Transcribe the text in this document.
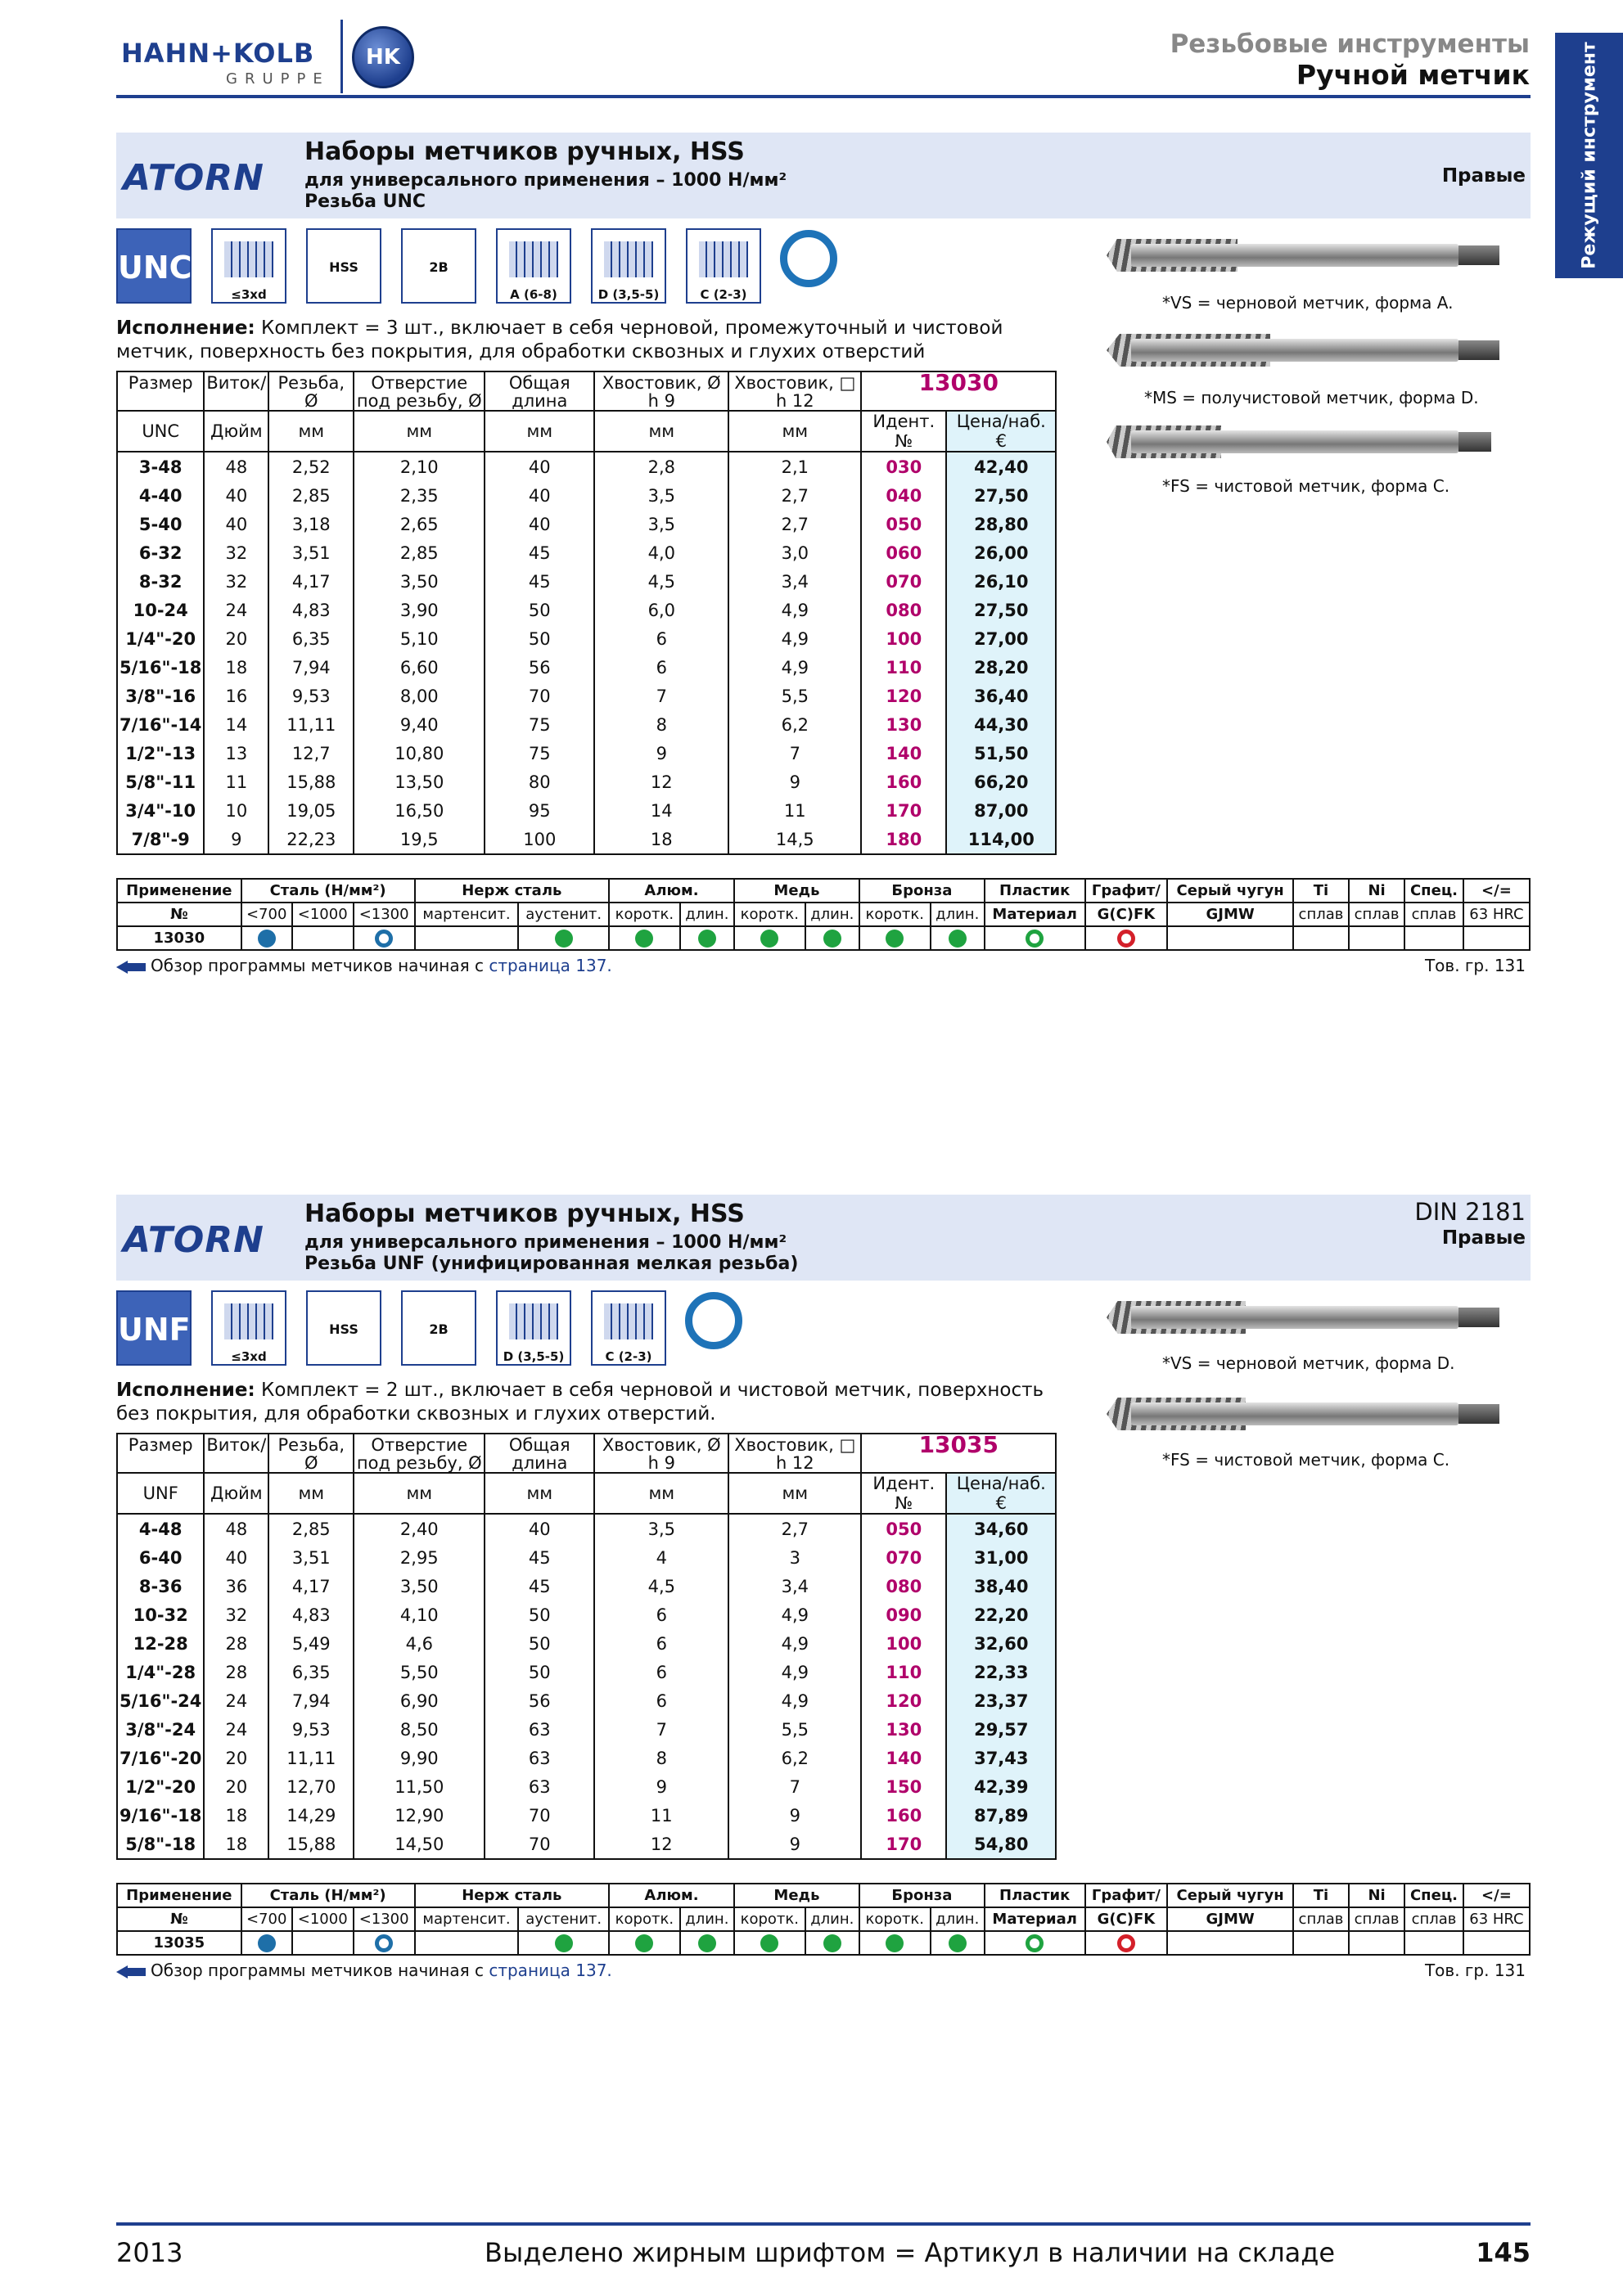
HAHN+KOLB
GRUPPE
HK	Резьбовые инструменты
Ручной метчик	Режущий инструмент
ATORN
Наборы метчиков ручных, HSS
для универсального применения – 1000 Н/мм²
Резьба UNC
Правые
UNC
≤3xd
HSS	2B
A (6-8)	D (3,5-5)	C (2-3)
Исполнение: Комплект = 3 шт., включает в себя черновой, промежуточный и чистовой метчик, поверхность без покрытия, для обработки сквозных и глухих отверстий
Размер	Виток/	Резьба, Ø	Отверстие под резьбу, Ø	Общая длина	Хвостовик, Ø h 9	Хвостовик, □ h 12	13030	
UNC	Дюйм	мм	мм	мм	мм	мм	Идент. №	Цена/наб. €
3-48	48	2,52	2,10	40	2,8	2,1	030	42,40
4-40	40	2,85	2,35	40	3,5	2,7	040	27,50
5-40	40	3,18	2,65	40	3,5	2,7	050	28,80
6-32	32	3,51	2,85	45	4,0	3,0	060	26,00
8-32	32	4,17	3,50	45	4,5	3,4	070	26,10
10-24	24	4,83	3,90	50	6,0	4,9	080	27,50
1/4"-20	20	6,35	5,10	50	6	4,9	100	27,00
5/16"-18	18	7,94	6,60	56	6	4,9	110	28,20
3/8"-16	16	9,53	8,00	70	7	5,5	120	36,40
7/16"-14	14	11,11	9,40	75	8	6,2	130	44,30
1/2"-13	13	12,7	10,80	75	9	7	140	51,50
5/8"-11	11	15,88	13,50	80	12	9	160	66,20
3/4"-10	10	19,05	16,50	95	14	11	170	87,00
7/8"-9	9	22,23	19,5	100	18	14,5	180	114,00
Применение	Сталь (Н/мм²)			Нерж сталь		Алюм.		Медь		Бронза		Пластик	Графит/	Серый чугун	Ti	Ni	Спец.	</=
№	<700	<1000	<1300	мартенсит.	аустенит.	коротк.	длин.	коротк.	длин.	коротк.	длин.	Материал	G(C)FK	GJMW	сплав	сплав	сплав	63 HRC
13030																		
Обзор программы метчиков начиная с страница 137.	Тов. гр. 131
*VS = черновой метчик, форма A.
*MS = получистовой метчик, форма D.
*FS = чистовой метчик, форма C.
ATORN
Наборы метчиков ручных, HSS
для универсального применения – 1000 Н/мм²
Резьба UNF (унифицированная мелкая резьба)
DIN 2181
Правые
UNF
≤3xd
HSS	2B
D (3,5-5)	C (2-3)
Исполнение: Комплект = 2 шт., включает в себя черновой и чистовой метчик, поверхность без покрытия, для обработки сквозных и глухих отверстий.
Размер	Виток/	Резьба, Ø	Отверстие под резьбу, Ø	Общая длина	Хвостовик, Ø h 9	Хвостовик, □ h 12	13035	
UNF	Дюйм	мм	мм	мм	мм	мм	Идент. №	Цена/наб. €
4-48	48	2,85	2,40	40	3,5	2,7	050	34,60
6-40	40	3,51	2,95	45	4	3	070	31,00
8-36	36	4,17	3,50	45	4,5	3,4	080	38,40
10-32	32	4,83	4,10	50	6	4,9	090	22,20
12-28	28	5,49	4,6	50	6	4,9	100	32,60
1/4"-28	28	6,35	5,50	50	6	4,9	110	22,33
5/16"-24	24	7,94	6,90	56	6	4,9	120	23,37
3/8"-24	24	9,53	8,50	63	7	5,5	130	29,57
7/16"-20	20	11,11	9,90	63	8	6,2	140	37,43
1/2"-20	20	12,70	11,50	63	9	7	150	42,39
9/16"-18	18	14,29	12,90	70	11	9	160	87,89
5/8"-18	18	15,88	14,50	70	12	9	170	54,80
Применение	Сталь (Н/мм²)			Нерж сталь		Алюм.		Медь		Бронза		Пластик	Графит/	Серый чугун	Ti	Ni	Спец.	</=
№	<700	<1000	<1300	мартенсит.	аустенит.	коротк.	длин.	коротк.	длин.	коротк.	длин.	Материал	G(C)FK	GJMW	сплав	сплав	сплав	63 HRC
13035																		
Обзор программы метчиков начиная с страница 137.	Тов. гр. 131
*VS = черновой метчик, форма D.
*FS = чистовой метчик, форма C.
2013	Выделено жирным шрифтом = Артикул в наличии на складе	145
